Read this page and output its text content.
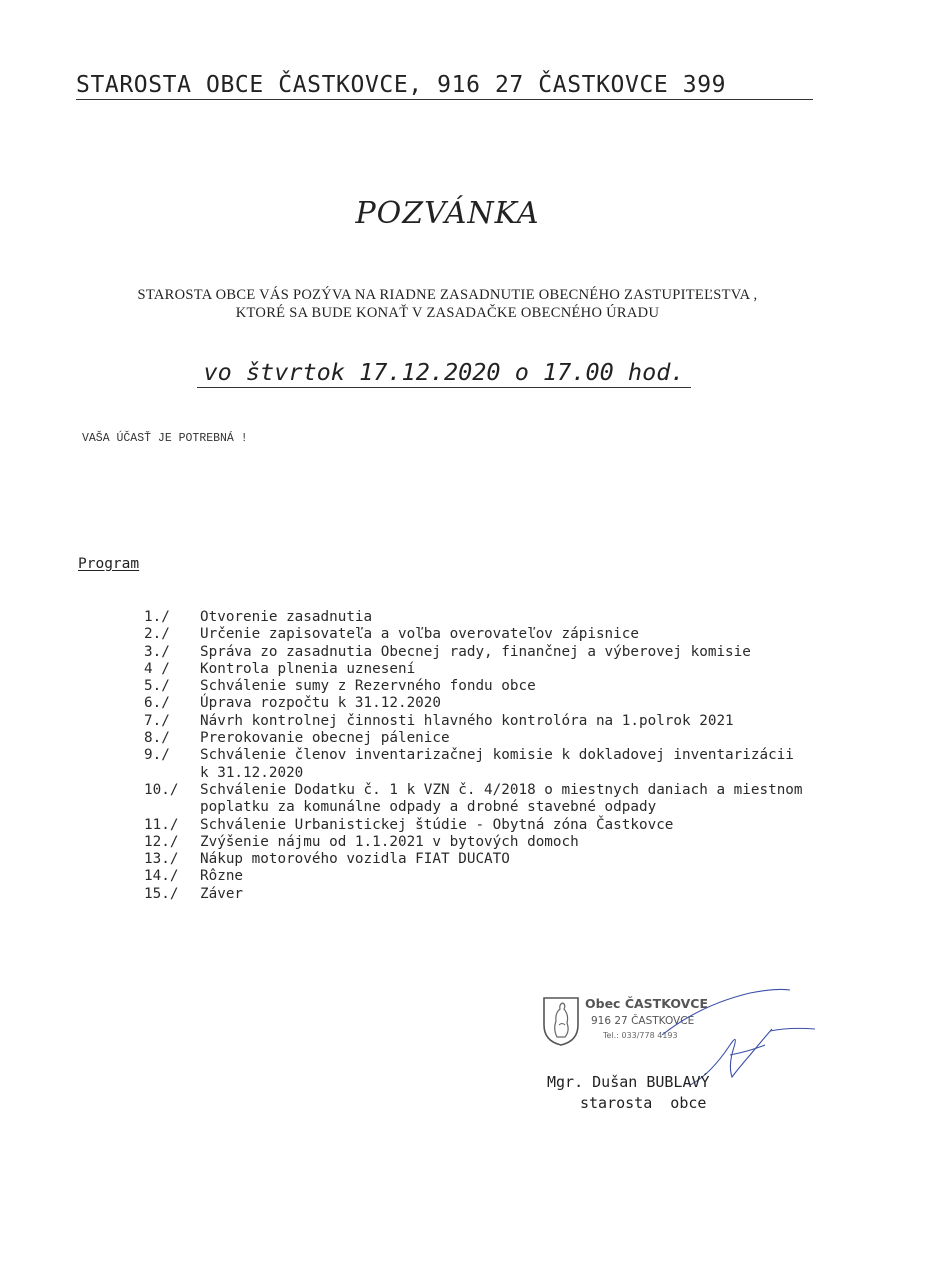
STAROSTA OBCE ČASTKOVCE, 916 27 ČASTKOVCE 399
POZVÁNKA
STAROSTA OBCE VÁS POZÝVA NA RIADNE ZASADNUTIE OBECNÉHO ZASTUPITEĽSTVA ,
KTORÉ SA BUDE KONAŤ V ZASADAČKE OBECNÉHO ÚRADU
vo štvrtok 17.12.2020 o 17.00 hod.
VAŠA ÚČASŤ JE POTREBNÁ !
Program
1./	Otvorenie zasadnutia
2./	Určenie zapisovateľa a voľba overovateľov zápisnice
3./	Správa zo zasadnutia Obecnej rady, finančnej a výberovej komisie
4 /	Kontrola plnenia uznesení
5./	Schválenie sumy z Rezervného fondu obce
6./	Úprava rozpočtu k 31.12.2020
7./	Návrh kontrolnej činnosti hlavného kontrolóra na 1.polrok 2021
8./	Prerokovanie obecnej pálenice
9./	Schválenie členov inventarizačnej komisie k dokladovej inventarizácii
k 31.12.2020
10./	Schválenie Dodatku č. 1 k VZN č. 4/2018 o miestnych daniach a miestnom
poplatku za komunálne odpady a drobné stavebné odpady
11./	Schválenie Urbanistickej štúdie - Obytná zóna Častkovce
12./	Zvýšenie nájmu od 1.1.2021 v bytových domoch
13./	Nákup motorového vozidla FIAT DUCATO
14./	Rôzne
15./	Záver
Obec ČASTKOVCE
916 27 ČASTKOVCE
Tel.: 033/778 4193
Mgr. Dušan BUBLAVÝ
starosta  obce
